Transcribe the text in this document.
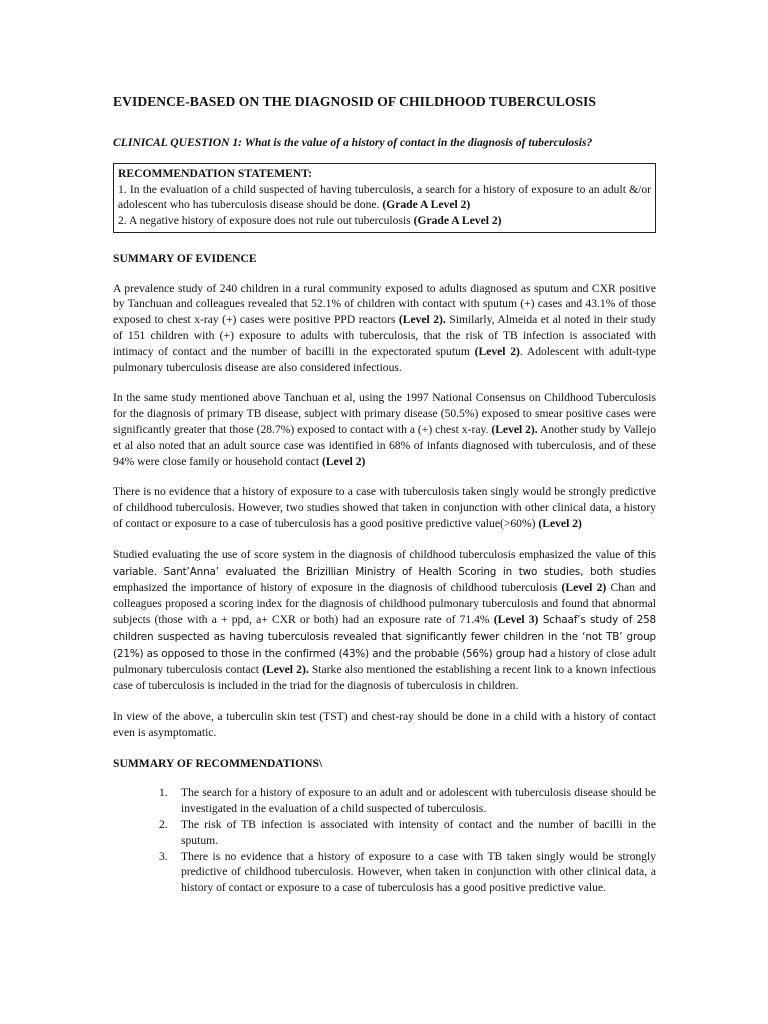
EVIDENCE-BASED ON THE DIAGNOSID OF CHILDHOOD TUBERCULOSIS
CLINICAL QUESTION 1: What is the value of a history of contact in the diagnosis of tuberculosis?

RECOMMENDATION STATEMENT:

1. In the evaluation of a child suspected of having tuberculosis, a search for a history of exposure to an adult &/or adolescent who has tuberculosis disease should be done. (Grade A Level 2)

2. A negative history of exposure does not rule out tuberculosis (Grade A Level 2)

SUMMARY OF EVIDENCE

A prevalence study of 240 children in a rural community exposed to adults diagnosed as sputum and CXR positive by Tanchuan and colleagues revealed that 52.1% of children with contact with sputum (+) cases and 43.1% of those exposed to chest x-ray (+) cases were positive PPD reactors (Level 2). Similarly, Almeida et al noted in their study of 151 children with (+) exposure to adults with tuberculosis, that the risk of TB infection is associated with intimacy of contact and the number of bacilli in the expectorated sputum (Level 2). Adolescent with adult-type pulmonary tuberculosis disease are also considered infectious.

In the same study mentioned above Tanchuan et al, using the 1997 National Consensus on Childhood Tuberculosis for the diagnosis of primary TB disease, subject with primary disease (50.5%) exposed to smear positive cases were significantly greater that those (28.7%) exposed to contact with a (+) chest x-ray. (Level 2). Another study by Vallejo et al also noted that an adult source case was identified in 68% of infants diagnosed with tuberculosis, and of these 94% were close family or household contact (Level 2)

There is no evidence that a history of exposure to a case with tuberculosis taken singly would be strongly predictive of childhood tuberculosis. However, two studies showed that taken in conjunction with other clinical data, a history of contact or exposure to a case of tuberculosis has a good positive predictive value(>60%) (Level 2)

Studied evaluating the use of score system in the diagnosis of childhood tuberculosis emphasized the value of this variable. Sant’Anna’ evaluated the Brizillian Ministry of Health Scoring in two studies, both studies emphasized the importance of history of exposure in the diagnosis of childhood tuberculosis (Level 2) Chan and colleagues proposed a scoring index for the diagnosis of childhood pulmonary tuberculosis and found that abnormal subjects (those with a + ppd, a+ CXR or both) had an exposure rate of 71.4% (Level 3) Schaaf’s study of 258 children suspected as having tuberculosis revealed that significantly fewer children in the ‘not TB’ group (21%) as opposed to those in the confirmed (43%) and the probable (56%) group had a history of close adult pulmonary tuberculosis contact (Level 2). Starke also mentioned the establishing a recent link to a known infectious case of tuberculosis is included in the triad for the diagnosis of tuberculosis in children.

In view of the above, a tuberculin skin test (TST) and chest-ray should be done in a child with a history of contact even is asymptomatic.

SUMMARY OF RECOMMENDATIONS\
1. The search for a history of exposure to an adult and or adolescent with tuberculosis disease should be investigated in the evaluation of a child suspected of tuberculosis.
2. The risk of TB infection is associated with intensity of contact and the number of bacilli in the sputum.
3. There is no evidence that a history of exposure to a case with TB taken singly would be strongly predictive of childhood tuberculosis. However, when taken in conjunction with other clinical data, a history of contact or exposure to a case of tuberculosis has a good positive predictive value.
